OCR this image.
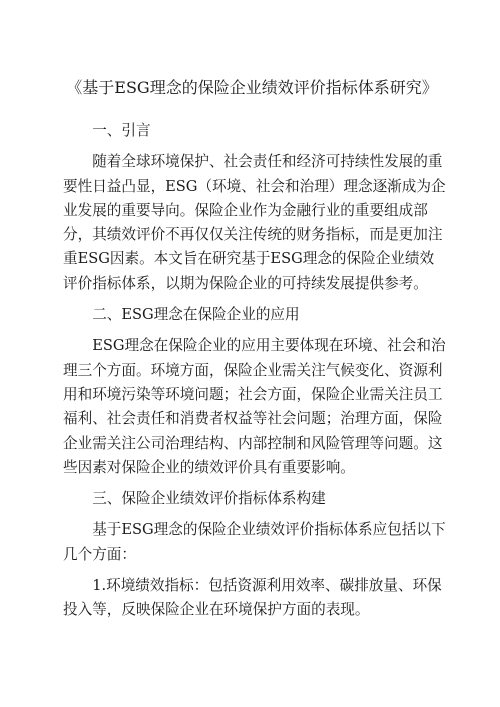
《基于ESG理念的保险企业绩效评价指标体系研究》
一、引言
随着全球环境保护、社会责任和经济可持续性发展的重要性日益凸显，ESG（环境、社会和治理）理念逐渐成为企业发展的重要导向。保险企业作为金融行业的重要组成部分，其绩效评价不再仅仅关注传统的财务指标，而是更加注重ESG因素。本文旨在研究基于ESG理念的保险企业绩效评价指标体系，以期为保险企业的可持续发展提供参考。
二、ESG理念在保险企业的应用
ESG理念在保险企业的应用主要体现在环境、社会和治理三个方面。环境方面，保险企业需关注气候变化、资源利用和环境污染等环境问题；社会方面，保险企业需关注员工福利、社会责任和消费者权益等社会问题；治理方面，保险企业需关注公司治理结构、内部控制和风险管理等问题。这些因素对保险企业的绩效评价具有重要影响。
三、保险企业绩效评价指标体系构建
基于ESG理念的保险企业绩效评价指标体系应包括以下几个方面：
1.环境绩效指标：包括资源利用效率、碳排放量、环保投入等，反映保险企业在环境保护方面的表现。
